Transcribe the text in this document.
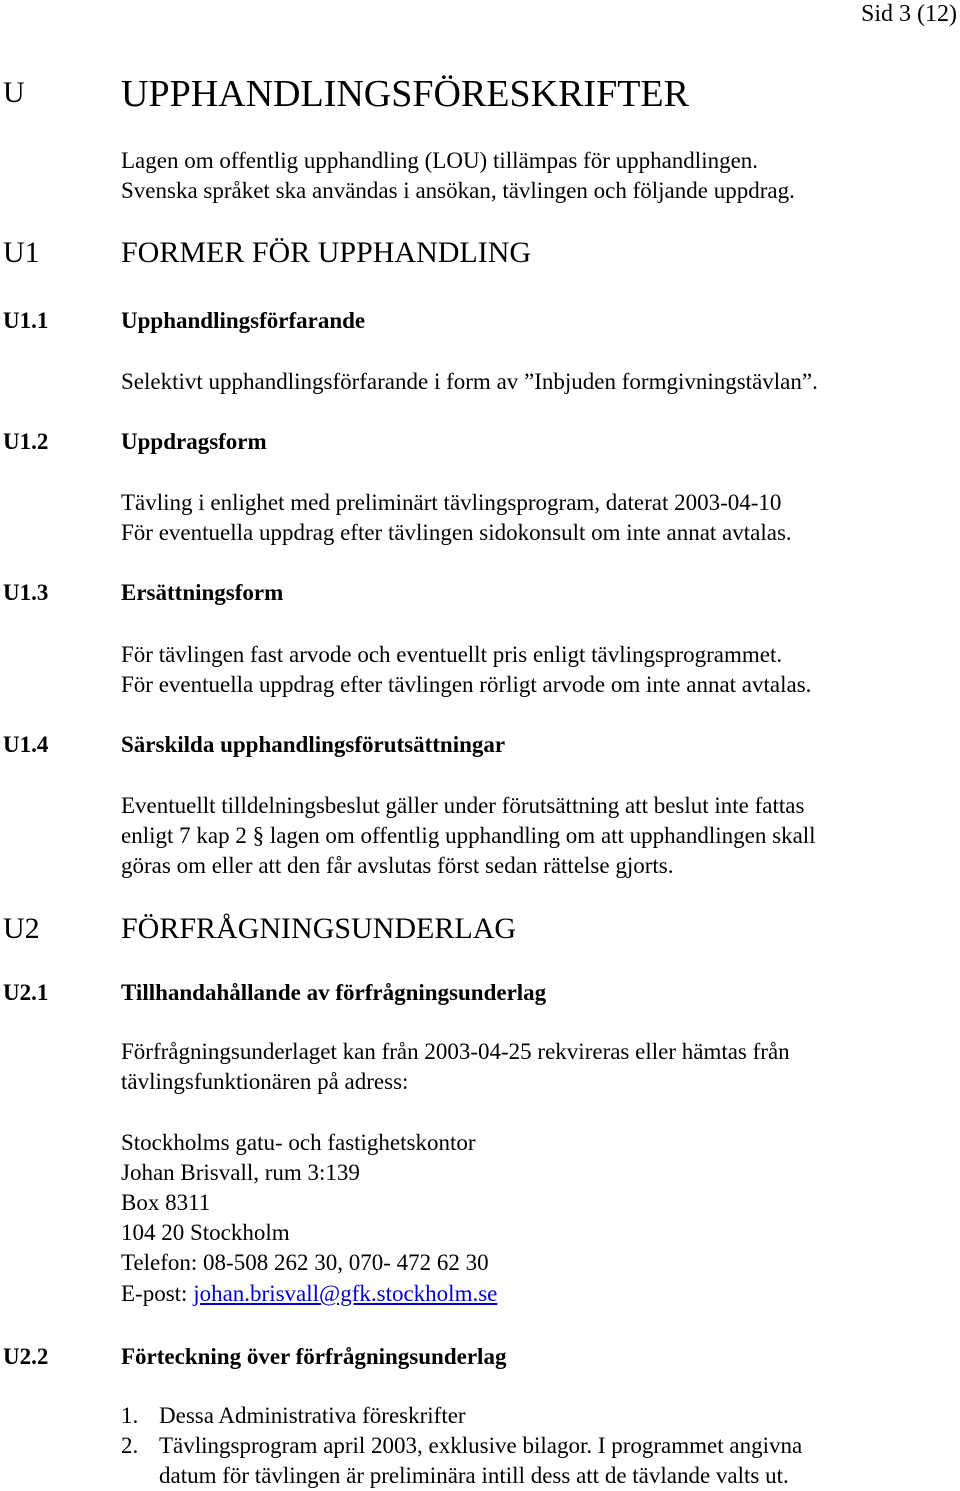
Sid 3 (12)
U	UPPHANDLINGSFÖRESKRIFTER
Lagen om offentlig upphandling (LOU) tillämpas för upphandlingen.
Svenska språket ska användas i ansökan, tävlingen och följande uppdrag.
U1	FORMER FÖR UPPHANDLING
U1.1	Upphandlingsförfarande
Selektivt upphandlingsförfarande i form av ”Inbjuden formgivningstävlan”.
U1.2	Uppdragsform
Tävling i enlighet med preliminärt tävlingsprogram, daterat 2003-04-10
För eventuella uppdrag efter tävlingen sidokonsult om inte annat avtalas.
U1.3	Ersättningsform
För tävlingen fast arvode och eventuellt pris enligt tävlingsprogrammet.
För eventuella uppdrag efter tävlingen rörligt arvode om inte annat avtalas.
U1.4	Särskilda upphandlingsförutsättningar
Eventuellt tilldelningsbeslut gäller under förutsättning att beslut inte fattas
enligt 7 kap 2 § lagen om offentlig upphandling om att upphandlingen skall
göras om eller att den får avslutas först sedan rättelse gjorts.
U2	FÖRFRÅGNINGSUNDERLAG
U2.1	Tillhandahållande av förfrågningsunderlag
Förfrågningsunderlaget kan från 2003-04-25 rekvireras eller hämtas från
tävlingsfunktionären på adress:
Stockholms gatu- och fastighetskontor
Johan Brisvall, rum 3:139
Box 8311
104 20 Stockholm
Telefon: 08-508 262 30, 070- 472 62 30
E-post: johan.brisvall@gfk.stockholm.se
U2.2	Förteckning över förfrågningsunderlag
1. Dessa Administrativa föreskrifter
2. Tävlingsprogram april 2003, exklusive bilagor. I programmet angivna
datum för tävlingen är preliminära intill dess att de tävlande valts ut.
